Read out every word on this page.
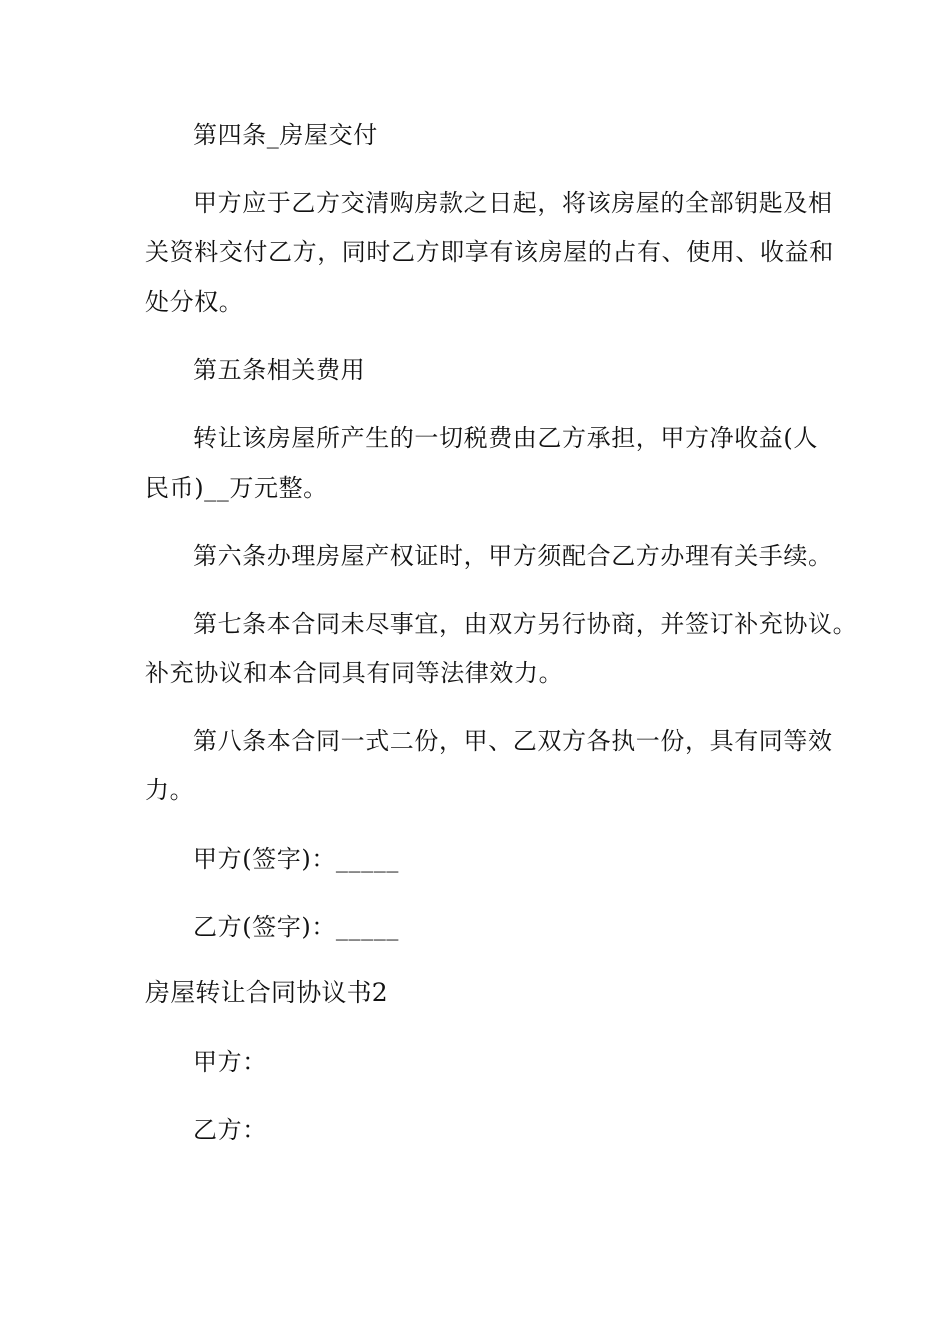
第四条_房屋交付
甲方应于乙方交清购房款之日起，将该房屋的全部钥匙及相
关资料交付乙方，同时乙方即享有该房屋的占有、使用、收益和
处分权。
第五条相关费用
转让该房屋所产生的一切税费由乙方承担，甲方净收益(人
民币)__万元整。
第六条办理房屋产权证时，甲方须配合乙方办理有关手续。
第七条本合同未尽事宜，由双方另行协商，并签订补充协议。
补充协议和本合同具有同等法律效力。
第八条本合同一式二份，甲、乙双方各执一份，具有同等效
力。
甲方(签字)：_____
乙方(签字)：_____
房屋转让合同协议书2
甲方：
乙方：
